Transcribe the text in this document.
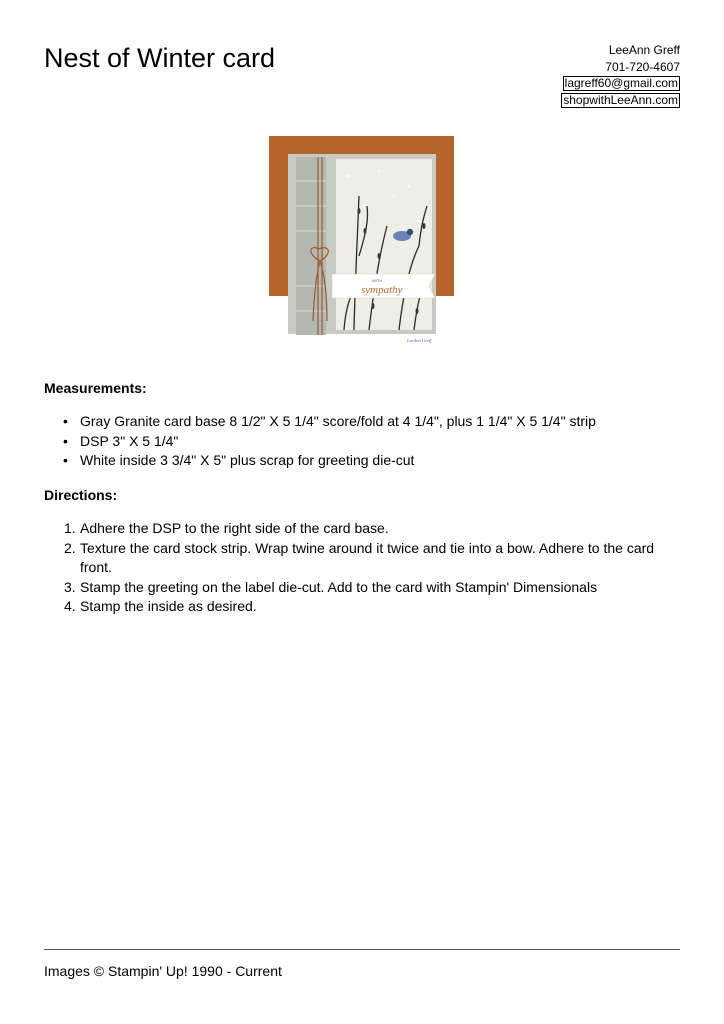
Nest of Winter card	LeeAnn Greff
701-720-4607
lagreff60@gmail.com
shopwithLeeAnn.com
WITH
sympathy
LeeAnn Greff
Measurements:
• Gray Granite card base 8 1/2" X 5 1/4" score/fold at 4 1/4", plus 1 1/4" X 5 1/4" strip
• DSP 3" X 5 1/4"
• White inside 3 3/4" X 5" plus scrap for greeting die-cut
Directions:
1. Adhere the DSP to the right side of the card base.
2. Texture the card stock strip. Wrap twine around it twice and tie into a bow. Adhere to the card front.
3. Stamp the greeting on the label die-cut. Add to the card with Stampin' Dimensionals
4. Stamp the inside as desired.
Images © Stampin' Up! 1990 - Current
